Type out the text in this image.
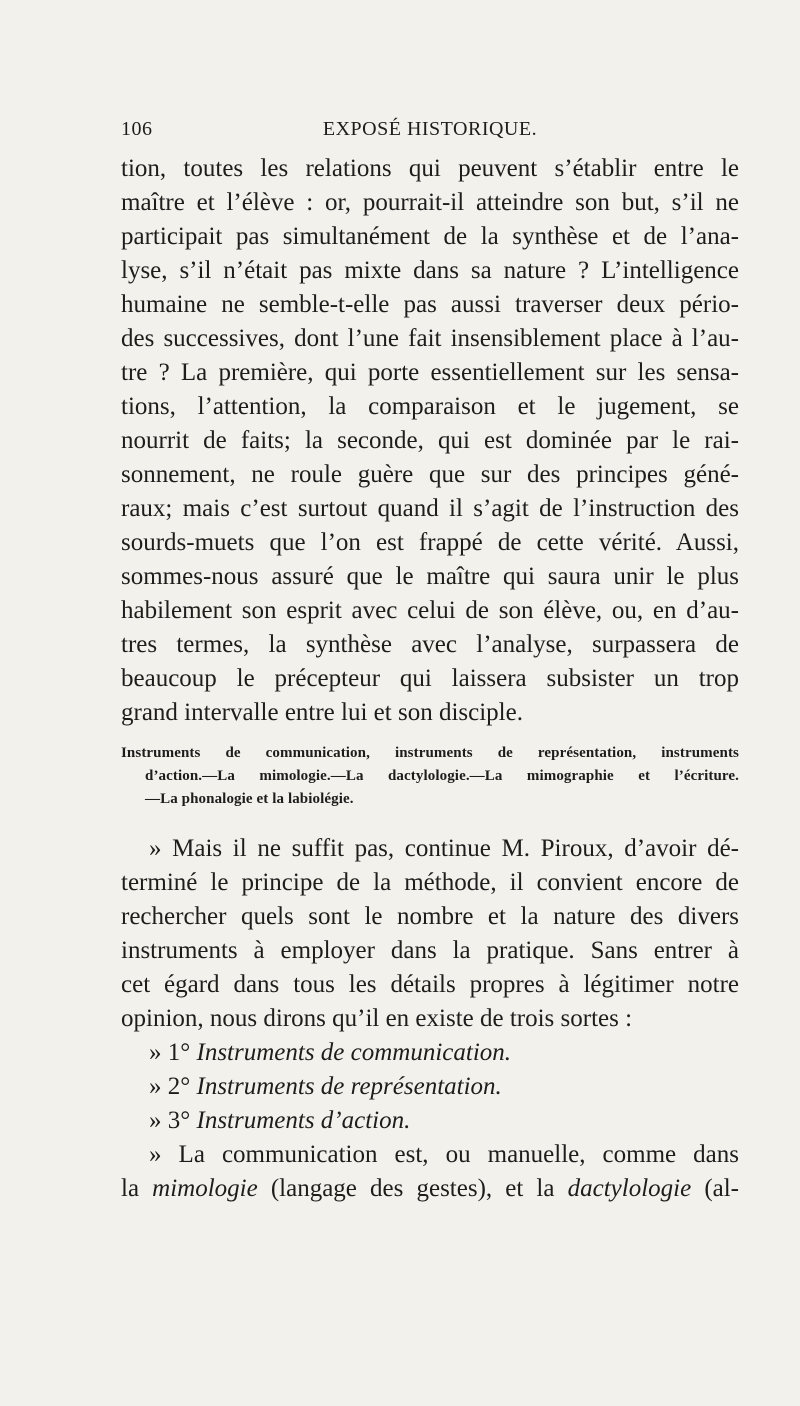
106	EXPOSÉ HISTORIQUE.
tion, toutes les relations qui peuvent s’établir entre le
maître et l’élève : or, pourrait-il atteindre son but, s’il ne
participait pas simultanément de la synthèse et de l’ana-
lyse, s’il n’était pas mixte dans sa nature ? L’intelligence
humaine ne semble-t-elle pas aussi traverser deux pério-
des successives, dont l’une fait insensiblement place à l’au-
tre ? La première, qui porte essentiellement sur les sensa-
tions, l’attention, la comparaison et le jugement, se
nourrit de faits; la seconde, qui est dominée par le rai-
sonnement, ne roule guère que sur des principes géné-
raux; mais c’est surtout quand il s’agit de l’instruction des
sourds-muets que l’on est frappé de cette vérité. Aussi,
sommes-nous assuré que le maître qui saura unir le plus
habilement son esprit avec celui de son élève, ou, en d’au-
tres termes, la synthèse avec l’analyse, surpassera de
beaucoup le précepteur qui laissera subsister un trop
grand intervalle entre lui et son disciple.
Instruments de communication, instruments de représentation, instruments
d’action.—La mimologie.—La dactylologie.—La mimographie et l’écriture.
—La phonalogie et la labiolégie.
» Mais il ne suffit pas, continue M. Piroux, d’avoir dé-
terminé le principe de la méthode, il convient encore de
rechercher quels sont le nombre et la nature des divers
instruments à employer dans la pratique. Sans entrer à
cet égard dans tous les détails propres à légitimer notre
opinion, nous dirons qu’il en existe de trois sortes :
» 1° Instruments de communication.
» 2° Instruments de représentation.
» 3° Instruments d’action.
» La communication est, ou manuelle, comme dans
la mimologie (langage des gestes), et la dactylologie (al-
